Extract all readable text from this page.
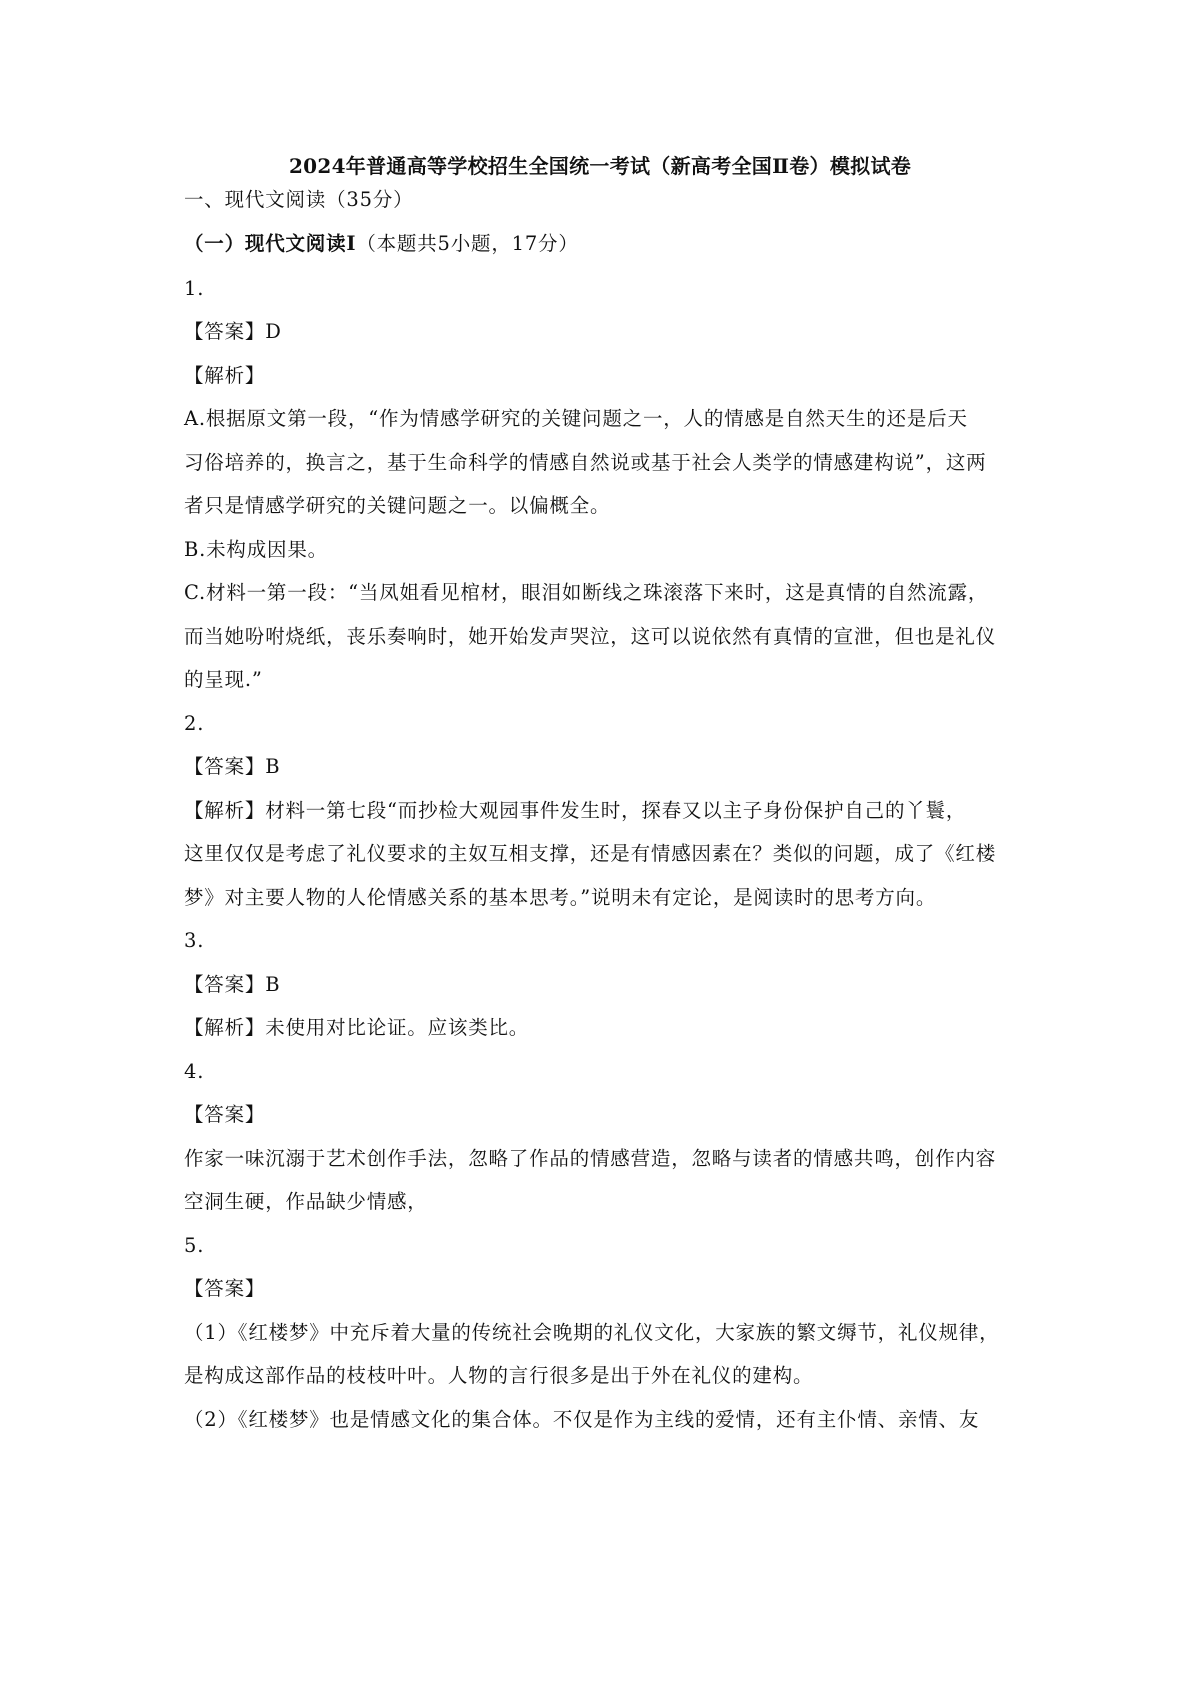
2024年普通高等学校招生全国统一考试（新高考全国Ⅱ卷）模拟试卷
一、现代文阅读（35分）
（一）现代文阅读Ⅰ（本题共5小题，17分）
1.
【答案】D
【解析】
A.根据原文第一段，“作为情感学研究的关键问题之一，人的情感是自然天生的还是后天
习俗培养的，换言之，基于生命科学的情感自然说或基于社会人类学的情感建构说”，这两
者只是情感学研究的关键问题之一。以偏概全。
B.未构成因果。
C.材料一第一段：“当凤姐看见棺材，眼泪如断线之珠滚落下来时，这是真情的自然流露，
而当她吩咐烧纸，丧乐奏响时，她开始发声哭泣，这可以说依然有真情的宣泄，但也是礼仪
的呈现.”
2.
【答案】B
【解析】材料一第七段“而抄检大观园事件发生时，探春又以主子身份保护自己的丫鬟，
这里仅仅是考虑了礼仪要求的主奴互相支撑，还是有情感因素在？类似的问题，成了《红楼
梦》对主要人物的人伦情感关系的基本思考。”说明未有定论，是阅读时的思考方向。
3.
【答案】B
【解析】未使用对比论证。应该类比。
4.
【答案】
作家一味沉溺于艺术创作手法，忽略了作品的情感营造，忽略与读者的情感共鸣，创作内容
空洞生硬，作品缺少情感，
5.
【答案】
（1）《红楼梦》中充斥着大量的传统社会晚期的礼仪文化，大家族的繁文缛节，礼仪规律，
是构成这部作品的枝枝叶叶。人物的言行很多是出于外在礼仪的建构。
（2）《红楼梦》也是情感文化的集合体。不仅是作为主线的爱情，还有主仆情、亲情、友
